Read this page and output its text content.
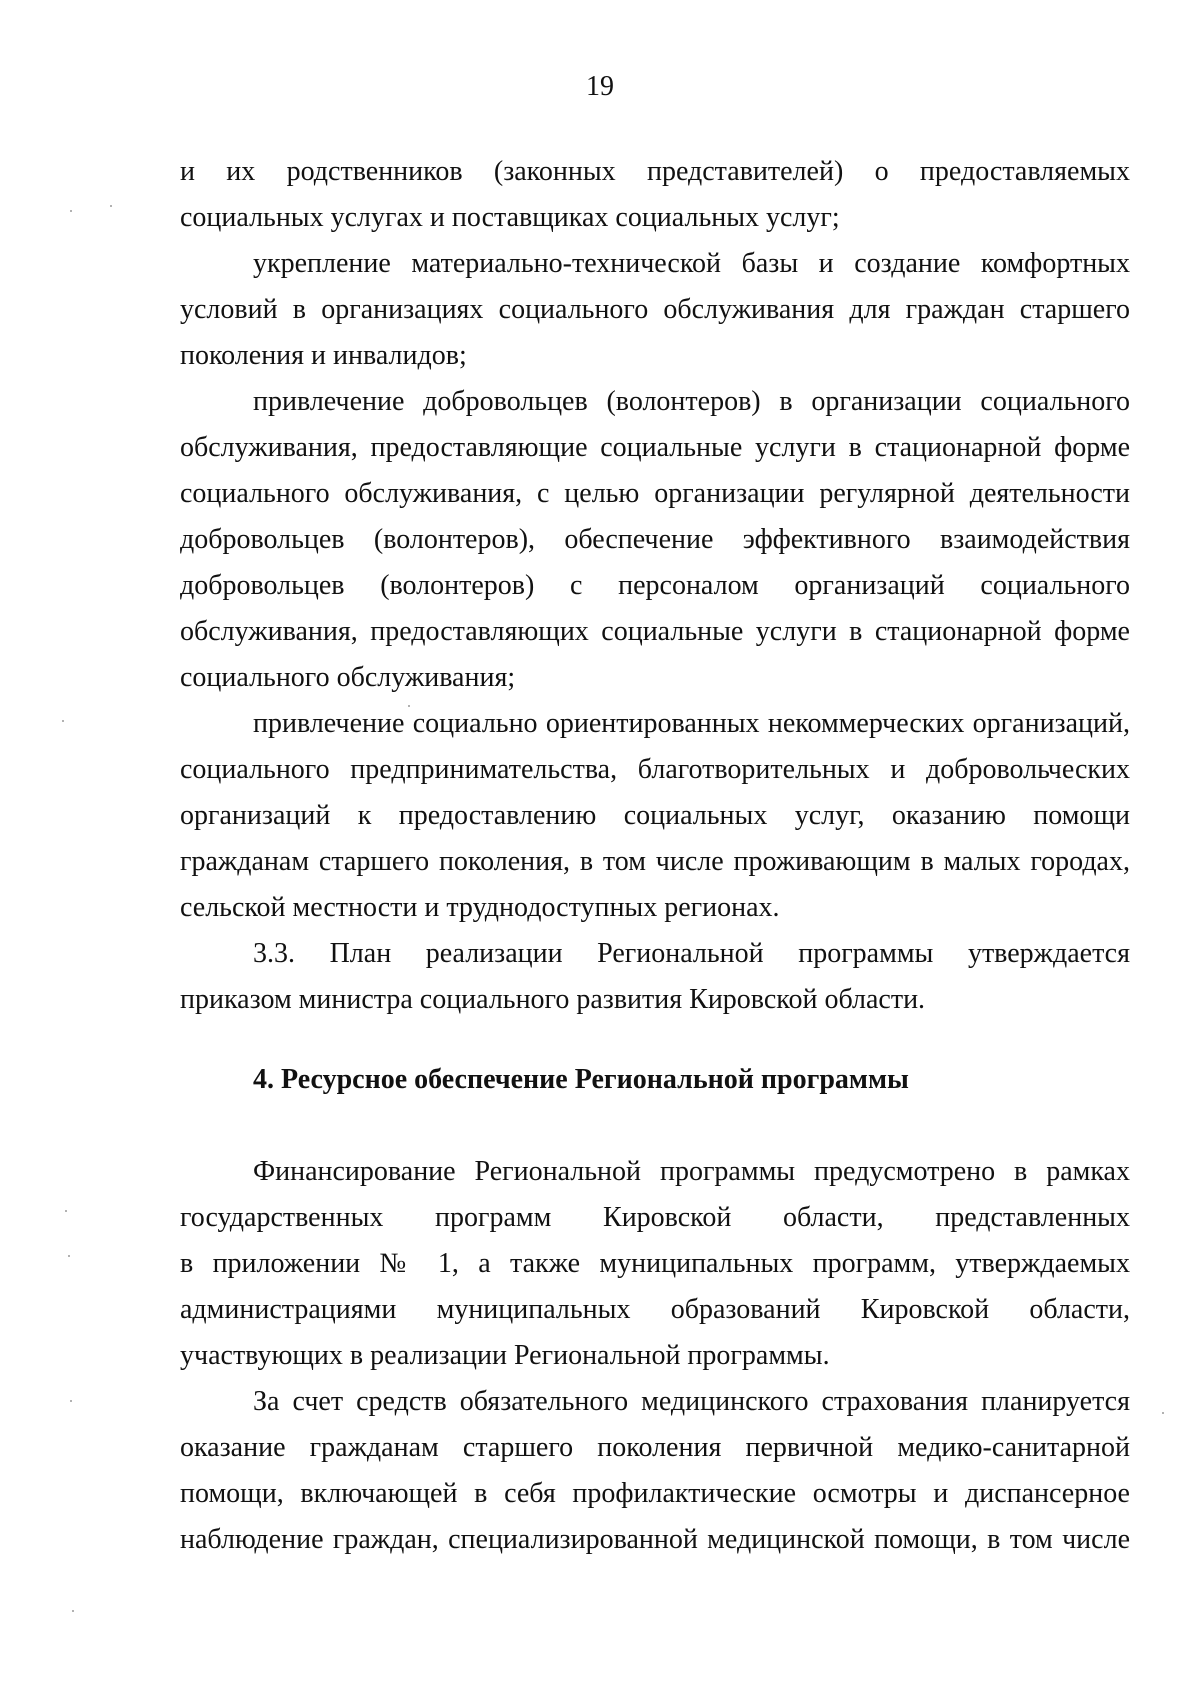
19
и их родственников (законных представителей) о предоставляемых
социальных услугах и поставщиках социальных услуг;
укрепление материально-технической базы и создание комфортных
условий в организациях социального обслуживания для граждан старшего
поколения и инвалидов;
привлечение добровольцев (волонтеров) в организации социального
обслуживания, предоставляющие социальные услуги в стационарной форме
социального обслуживания, с целью организации регулярной деятельности
добровольцев (волонтеров), обеспечение эффективного взаимодействия
добровольцев (волонтеров) с персоналом организаций социального
обслуживания, предоставляющих социальные услуги в стационарной форме
социального обслуживания;
привлечение социально ориентированных некоммерческих организаций,
социального предпринимательства, благотворительных и добровольческих
организаций к предоставлению социальных услуг, оказанию помощи
гражданам старшего поколения, в том числе проживающим в малых городах,
сельской местности и труднодоступных регионах.
3.3. План реализации Региональной программы утверждается
приказом министра социального развития Кировской области.
4. Ресурсное обеспечение Региональной программы
Финансирование Региональной программы предусмотрено в рамках
государственных программ Кировской области, представленных
в приложении № 1, а также муниципальных программ, утверждаемых
администрациями муниципальных образований Кировской области,
участвующих в реализации Региональной программы.
За счет средств обязательного медицинского страхования планируется
оказание гражданам старшего поколения первичной медико-санитарной
помощи, включающей в себя профилактические осмотры и диспансерное
наблюдение граждан, специализированной медицинской помощи, в том числе
